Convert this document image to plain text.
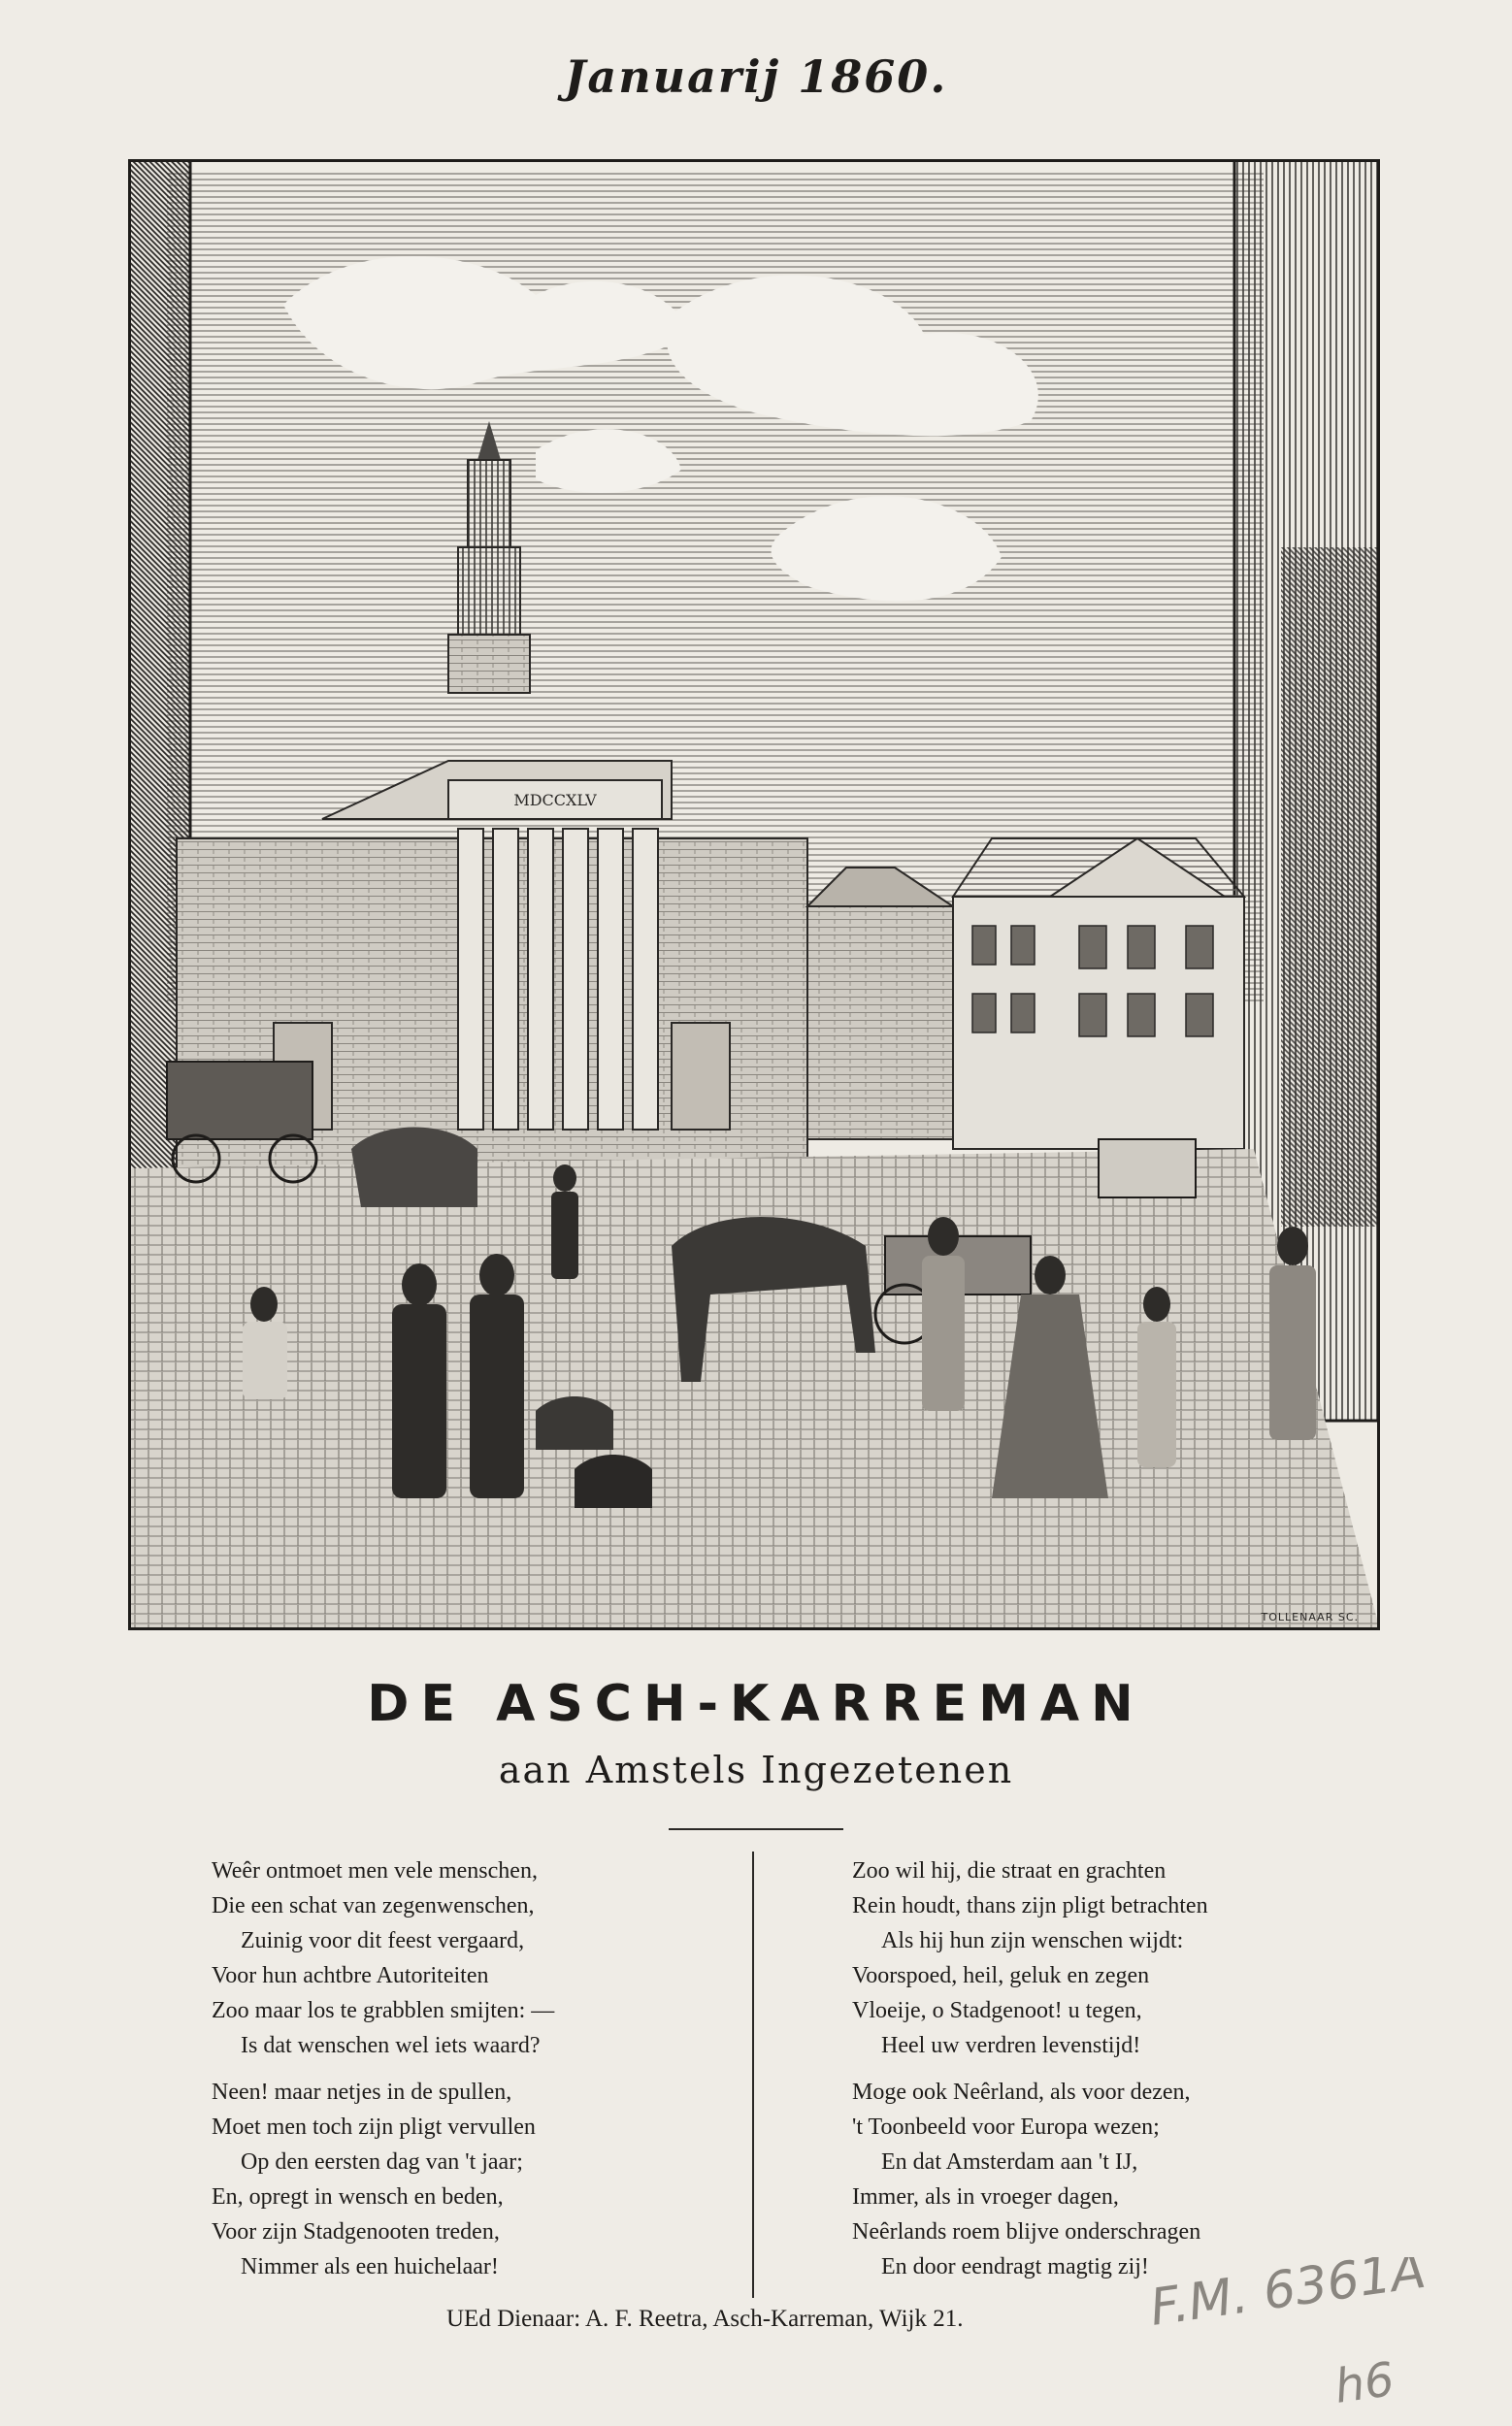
Januarij 1860.
MDCCXLV
TOLLENAAR SC.
DE ASCH-KARREMAN
aan Amstels Ingezetenen
Weêr ontmoet men vele menschen,
Die een schat van zegenwenschen,
Zuinig voor dit feest vergaard,
Voor hun achtbre Autoriteiten
Zoo maar los te grabblen smijten: —
Is dat wenschen wel iets waard?
Neen! maar netjes in de spullen,
Moet men toch zijn pligt vervullen
Op den eersten dag van 't jaar;
En, opregt in wensch en beden,
Voor zijn Stadgenooten treden,
Nimmer als een huichelaar!
Zoo wil hij, die straat en grachten
Rein houdt, thans zijn pligt betrachten
Als hij hun zijn wenschen wijdt:
Voorspoed, heil, geluk en zegen
Vloeije, o Stadgenoot! u tegen,
Heel uw verdren levenstijd!
Moge ook Neêrland, als voor dezen,
't Toonbeeld voor Europa wezen;
En dat Amsterdam aan 't IJ,
Immer, als in vroeger dagen,
Neêrlands roem blijve onderschragen
En door eendragt magtig zij!
UEd Dienaar: A. F. Reetra, Asch-Karreman, Wijk 21.	F.M. 6361A
h6
